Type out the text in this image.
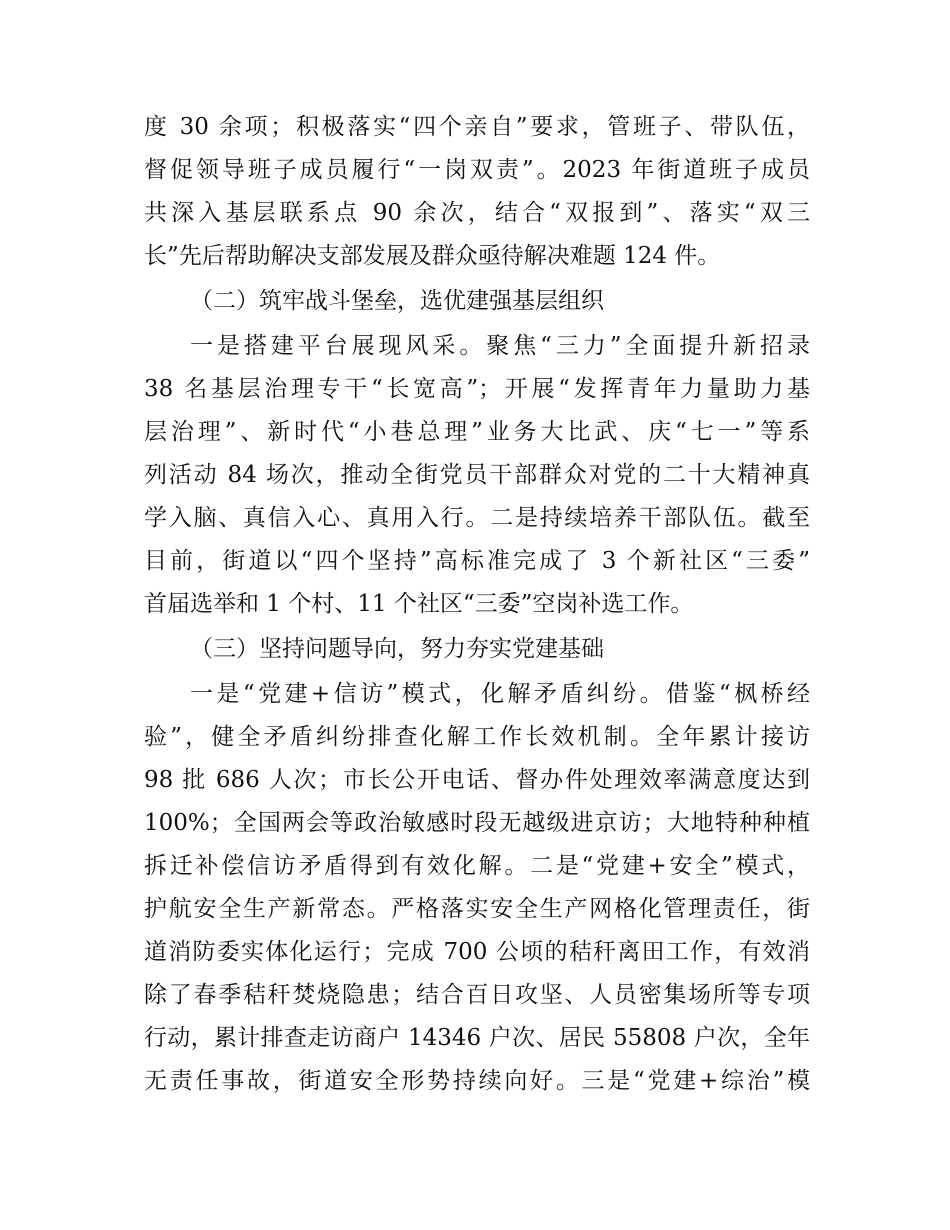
度 30 余项；积极落实“四个亲自”要求，管班子、带队伍，
督促领导班子成员履行“一岗双责”。2023 年街道班子成员
共深入基层联系点 90 余次，结合“双报到”、落实“双三
长”先后帮助解决支部发展及群众亟待解决难题 124 件。
（二）筑牢战斗堡垒，选优建强基层组织
一是搭建平台展现风采。聚焦“三力”全面提升新招录
38 名基层治理专干“长宽高”；开展“发挥青年力量助力基
层治理”、新时代“小巷总理”业务大比武、庆“七一”等系
列活动 84 场次，推动全街党员干部群众对党的二十大精神真
学入脑、真信入心、真用入行。二是持续培养干部队伍。截至
目前，街道以“四个坚持”高标准完成了 3 个新社区“三委”
首届选举和 1 个村、11 个社区“三委”空岗补选工作。
（三）坚持问题导向，努力夯实党建基础
一是“党建+信访”模式，化解矛盾纠纷。借鉴“枫桥经
验”，健全矛盾纠纷排查化解工作长效机制。全年累计接访
98 批 686 人次；市长公开电话、督办件处理效率满意度达到
100%；全国两会等政治敏感时段无越级进京访；大地特种种植
拆迁补偿信访矛盾得到有效化解。二是“党建+安全”模式，
护航安全生产新常态。严格落实安全生产网格化管理责任，街
道消防委实体化运行；完成 700 公顷的秸秆离田工作，有效消
除了春季秸秆焚烧隐患；结合百日攻坚、人员密集场所等专项
行动，累计排查走访商户 14346 户次、居民 55808 户次，全年
无责任事故，街道安全形势持续向好。三是“党建+综治”模
